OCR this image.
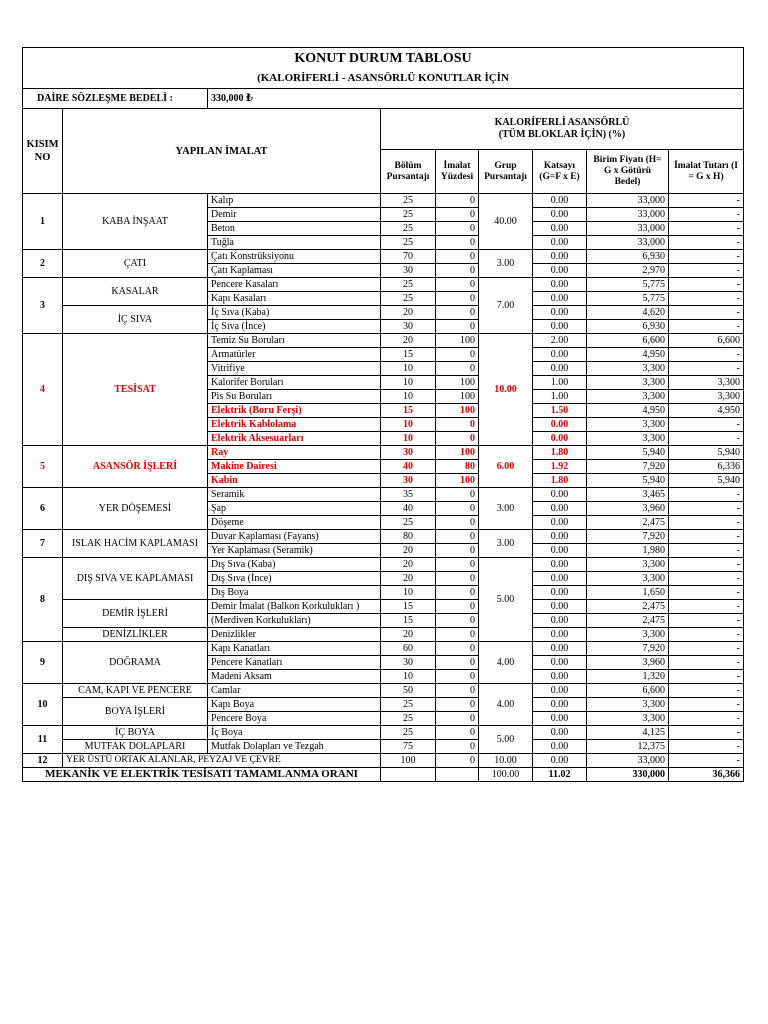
KONUT DURUM TABLOSU								
(KALORİFERLİ - ASANSÖRLÜ KONUTLAR İÇİN								
DAİRE SÖZLEŞME BEDELİ :		330,000 ₺						
KISIM NO	YAPILAN İMALAT		KALORİFERLİ ASANSÖRLÜ
(TÜM BLOKLAR İÇİN) (%)					

			Bölüm Pursantajı	İmalat Yüzdesi	Grup Pursantajı	Katsayı (G=F x E)	Birim Fiyatı (H= G x Götürü Bedel)	İmalat Tutarı (I = G x H)
1	KABA İNŞAAT	Kalıp	25	0	40.00	0.00	33,000	-
		Demir	25	0		0.00	33,000	-
		Beton	25	0		0.00	33,000	-
		Tuğla	25	0		0.00	33,000	-
2	ÇATI	Çatı Konstrüksiyonu	70	0	3.00	0.00	6,930	-
		Çatı Kaplaması	30	0		0.00	2,970	-
3	KASALAR	Pencere Kasaları	25	0	7.00	0.00	5,775	-
		Kapı Kasaları	25	0		0.00	5,775	-
	İÇ SIVA	İç Sıva (Kaba)	20	0		0.00	4,620	-
		İç Sıva (İnce)	30	0		0.00	6,930	-
4	TESİSAT	Temiz Su Boruları	20	100	10.00	2.00	6,600	6,600
		Armatürler	15	0		0.00	4,950	-
		Vitrifiye	10	0		0.00	3,300	-
		Kalorifer Boruları	10	100		1.00	3,300	3,300
		Pis Su Boruları	10	100		1.00	3,300	3,300
		Elektrik (Boru Ferşi)	15	100		1.50	4,950	4,950
		Elektrik Kablolama	10	0		0.00	3,300	-
		Elektrik Aksesuarları	10	0		0.00	3,300	-
5	ASANSÖR İŞLERİ	Ray	30	100	6.00	1.80	5,940	5,940
		Makine Dairesi	40	80		1.92	7,920	6,336
		Kabin	30	100		1.80	5,940	5,940
6	YER DÖŞEMESİ	Seramik	35	0	3.00	0.00	3,465	-
		Şap	40	0		0.00	3,960	-
		Döşeme	25	0		0.00	2,475	-
7	ISLAK HACİM KAPLAMASI	Duvar Kaplaması (Fayans)	80	0	3.00	0.00	7,920	-
		Yer Kaplaması (Seramik)	20	0		0.00	1,980	-
8	DIŞ SIVA VE KAPLAMASI	Dış Sıva (Kaba)	20	0	5.00	0.00	3,300	-
		Dış Sıva (İnce)	20	0		0.00	3,300	-
		Dış Boya	10	0		0.00	1,650	-
	DEMİR İŞLERİ	Demir İmalat (Balkon Korkulukları )	15	0		0.00	2,475	-
		(Merdiven Korkulukları)	15	0		0.00	2,475	-
	DENİZLİKLER	Denizlikler	20	0		0.00	3,300	-
9	DOĞRAMA	Kapı Kanatları	60	0	4.00	0.00	7,920	-
		Pencere Kanatları	30	0		0.00	3,960	-
		Madeni Aksam	10	0		0.00	1,320	-
10	CAM, KAPI VE PENCERE	Camlar	50	0	4.00	0.00	6,600	-
	BOYA İŞLERİ	Kapı Boya	25	0		0.00	3,300	-
		Pencere Boya	25	0		0.00	3,300	-
11	İÇ BOYA	İç Boya	25	0	5.00	0.00	4,125	-
	MUTFAK DOLAPLARI	Mutfak Dolapları ve Tezgah	75	0		0.00	12,375	-
12	YER ÜSTÜ ORTAK ALANLAR, PEYZAJ VE ÇEVRE		100	0	10.00	0.00	33,000	-
MEKANİK VE ELEKTRİK TESİSATI TAMAMLANMA ORANI					100.00	11.02	330,000	36,366
